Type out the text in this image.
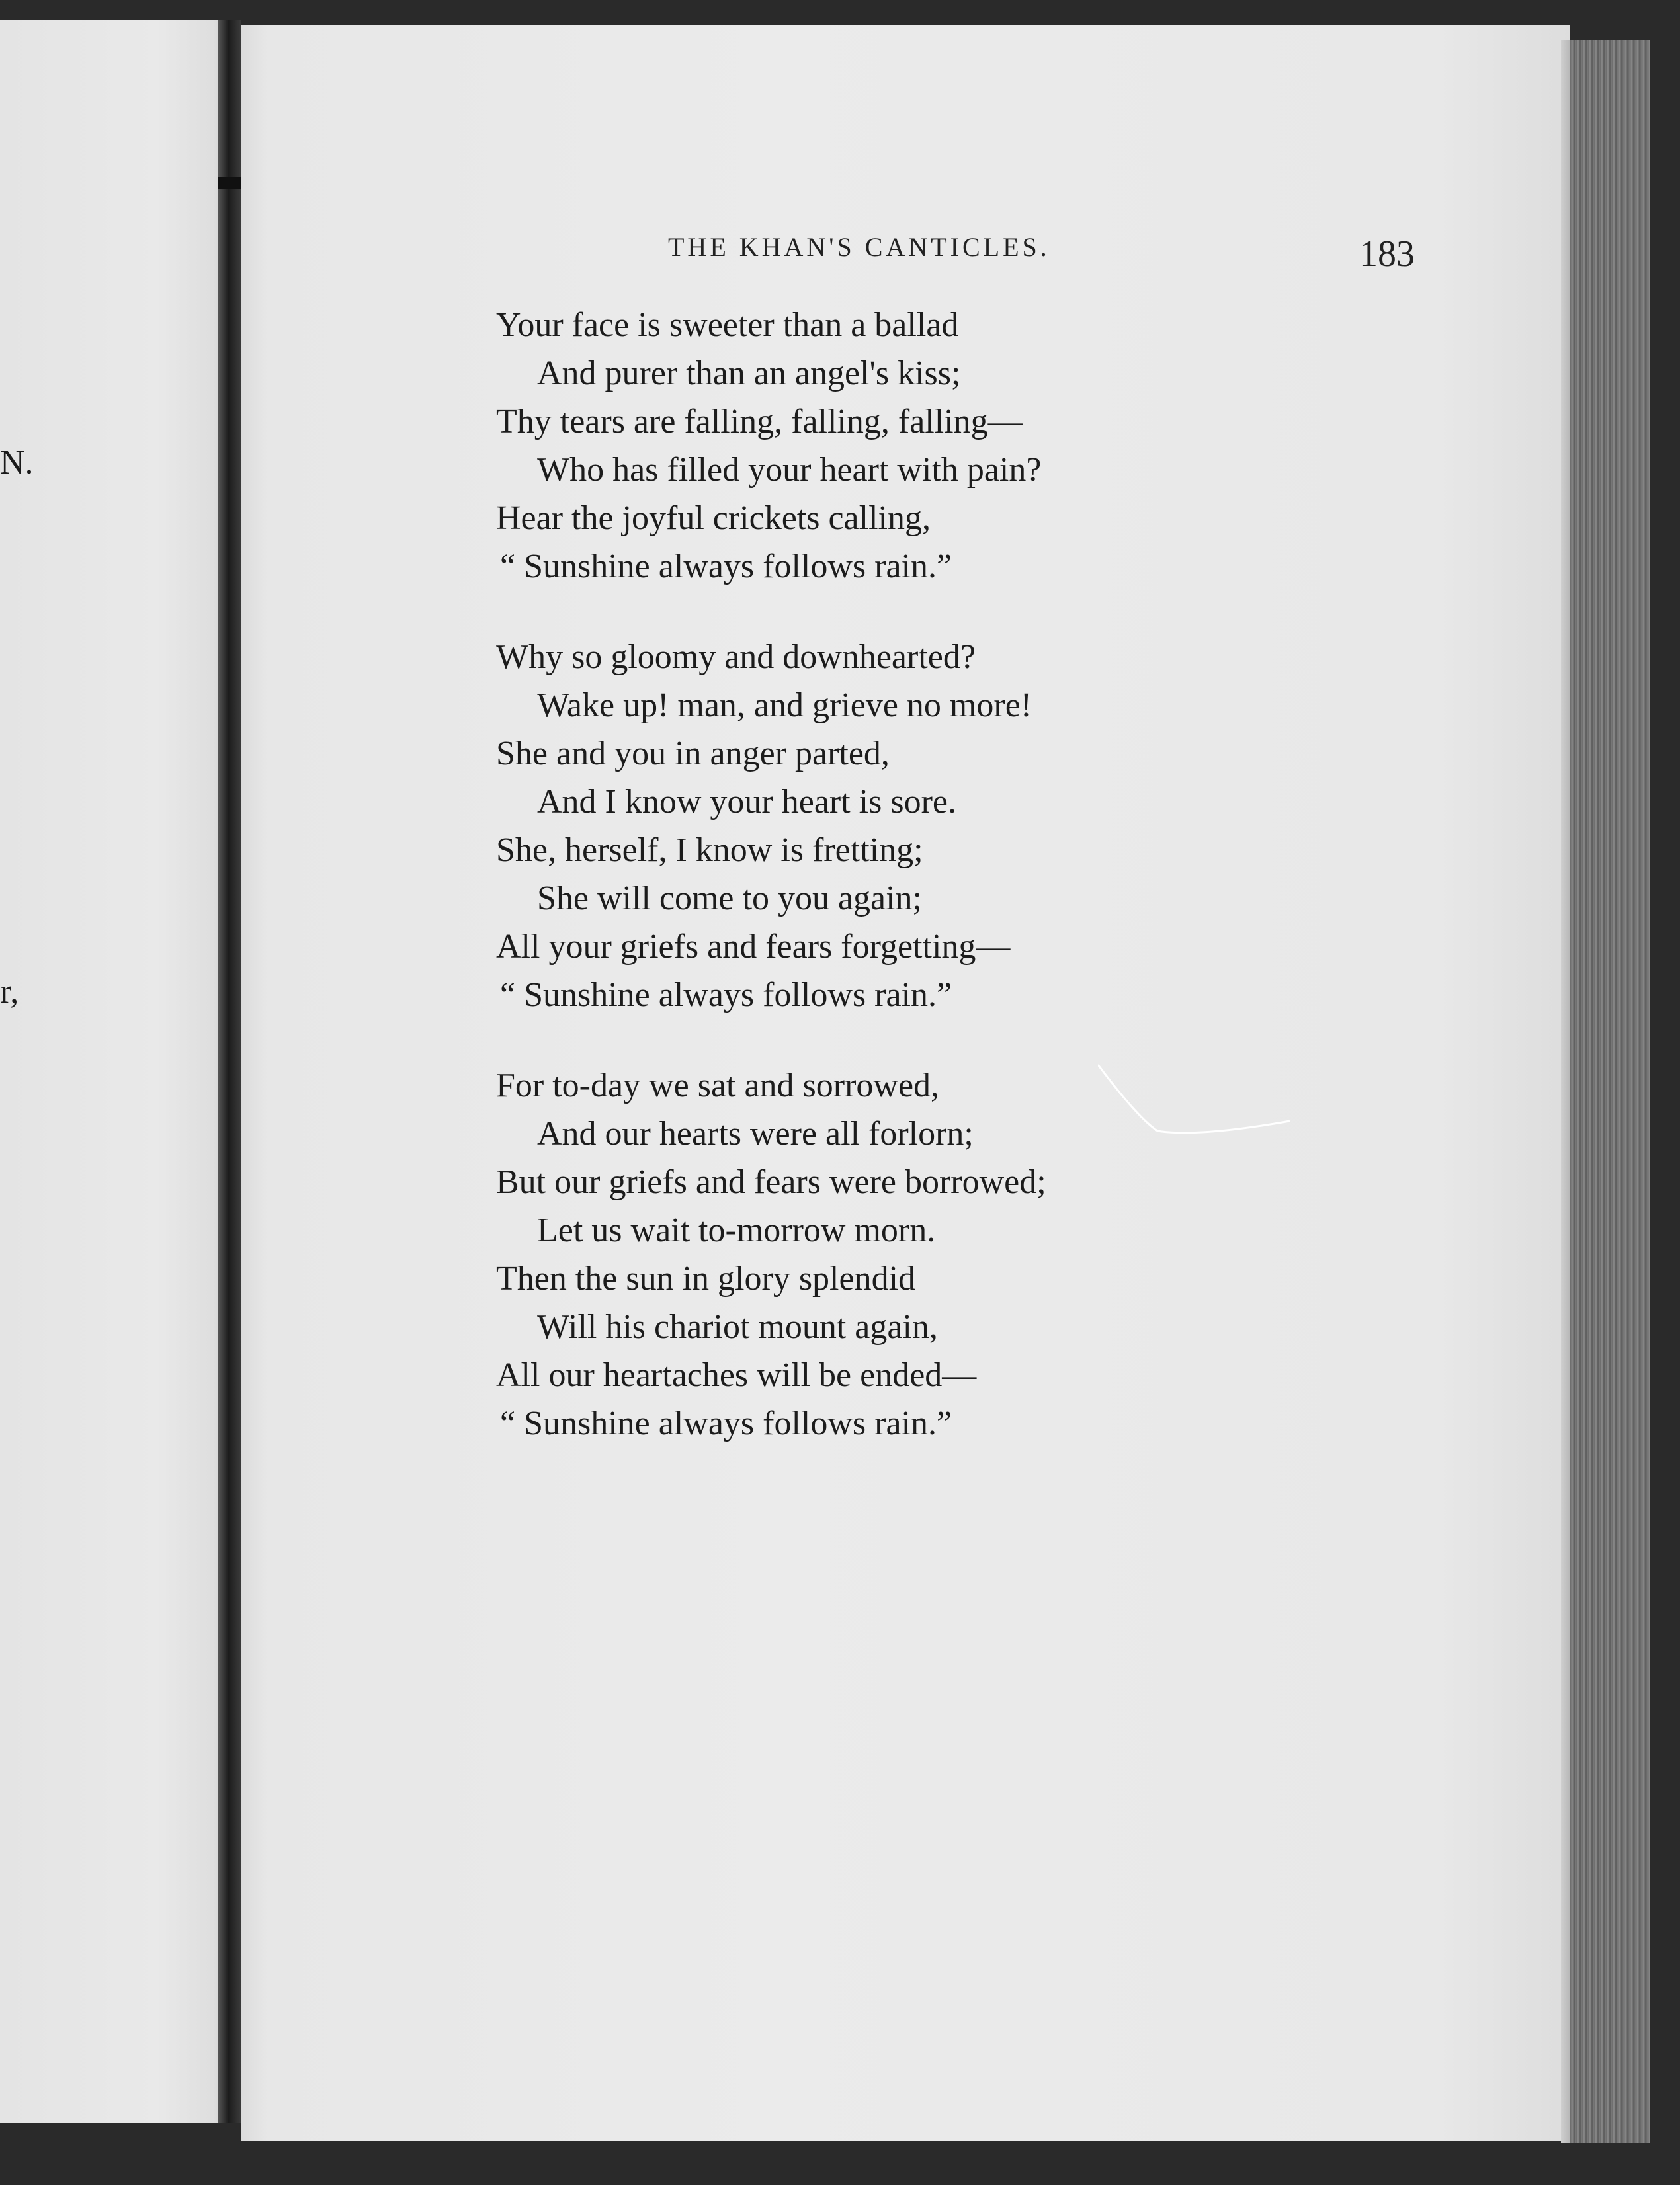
N.
r,
THE KHAN'S CANTICLES.	183
Your face is sweeter than a ballad
And purer than an angel's kiss;
Thy tears are falling, falling, falling—
Who has filled your heart with pain?
Hear the joyful crickets calling,
“ Sunshine always follows rain.”
Why so gloomy and downhearted?
Wake up! man, and grieve no more!
She and you in anger parted,
And I know your heart is sore.
She, herself, I know is fretting;
She will come to you again;
All your griefs and fears forgetting—
“ Sunshine always follows rain.”
For to-day we sat and sorrowed,
And our hearts were all forlorn;
But our griefs and fears were borrowed;
Let us wait to-morrow morn.
Then the sun in glory splendid
Will his chariot mount again,
All our heartaches will be ended—
“ Sunshine always follows rain.”
